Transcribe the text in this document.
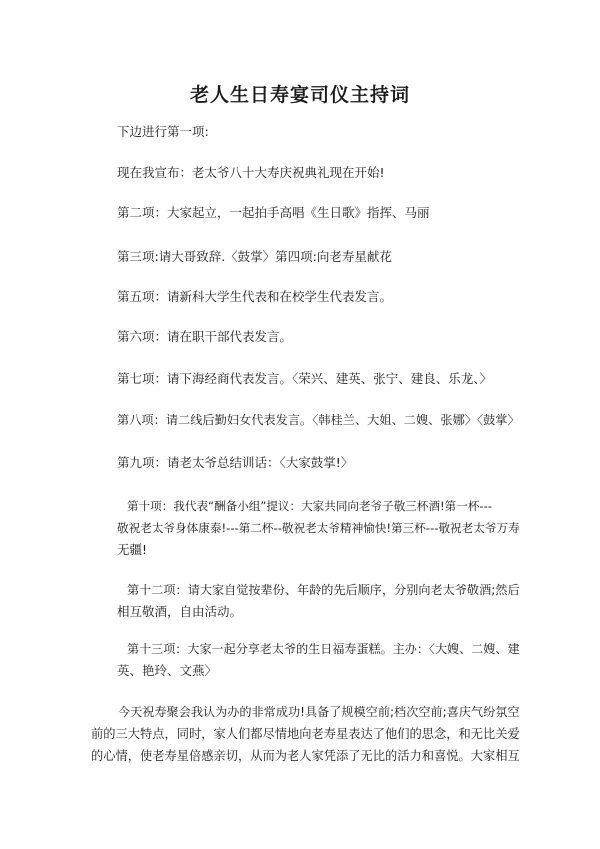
老人生日寿宴司仪主持词
下边进行第一项:
现在我宣布：老太爷八十大寿庆祝典礼现在开始!
第二项：大家起立，一起拍手高唱《生日歌》指挥、马丽
第三项:请大哥致辞.〈鼓掌〉第四项:向老寿星献花
第五项：请新科大学生代表和在校学生代表发言。
第六项：请在职干部代表发言。
第七项：请下海经商代表发言。〈荣兴、建英、张宁、建良、乐龙、〉
第八项：请二线后勤妇女代表发言。〈韩桂兰、大姐、二嫂、张娜〉〈鼓掌〉
第九项：请老太爷总结训话：〈大家鼓掌!〉
第十项：我代表“酬备小组”提议：大家共同向老爷子敬三杯酒!第一杯---
敬祝老太爷身体康泰!---第二杯--敬祝老太爷精神愉快!第三杯---敬祝老太爷万寿
无疆!
第十二项：请大家自觉按辈份、年龄的先后顺序，分别向老太爷敬酒;然后
相互敬酒，自由活动。
第十三项：大家一起分享老太爷的生日福寿蛋糕。主办：〈大嫂、二嫂、建
英、艳玲、文燕〉
今天祝寿聚会我认为办的非常成功!具备了规模空前;档次空前;喜庆气纷氛空
前的三大特点，同时，家人们都尽情地向老寿星表达了他们的思念，和无比关爱
的心情，使老寿星倍感亲切，从而为老人家凭添了无比的活力和喜悦。大家相互
